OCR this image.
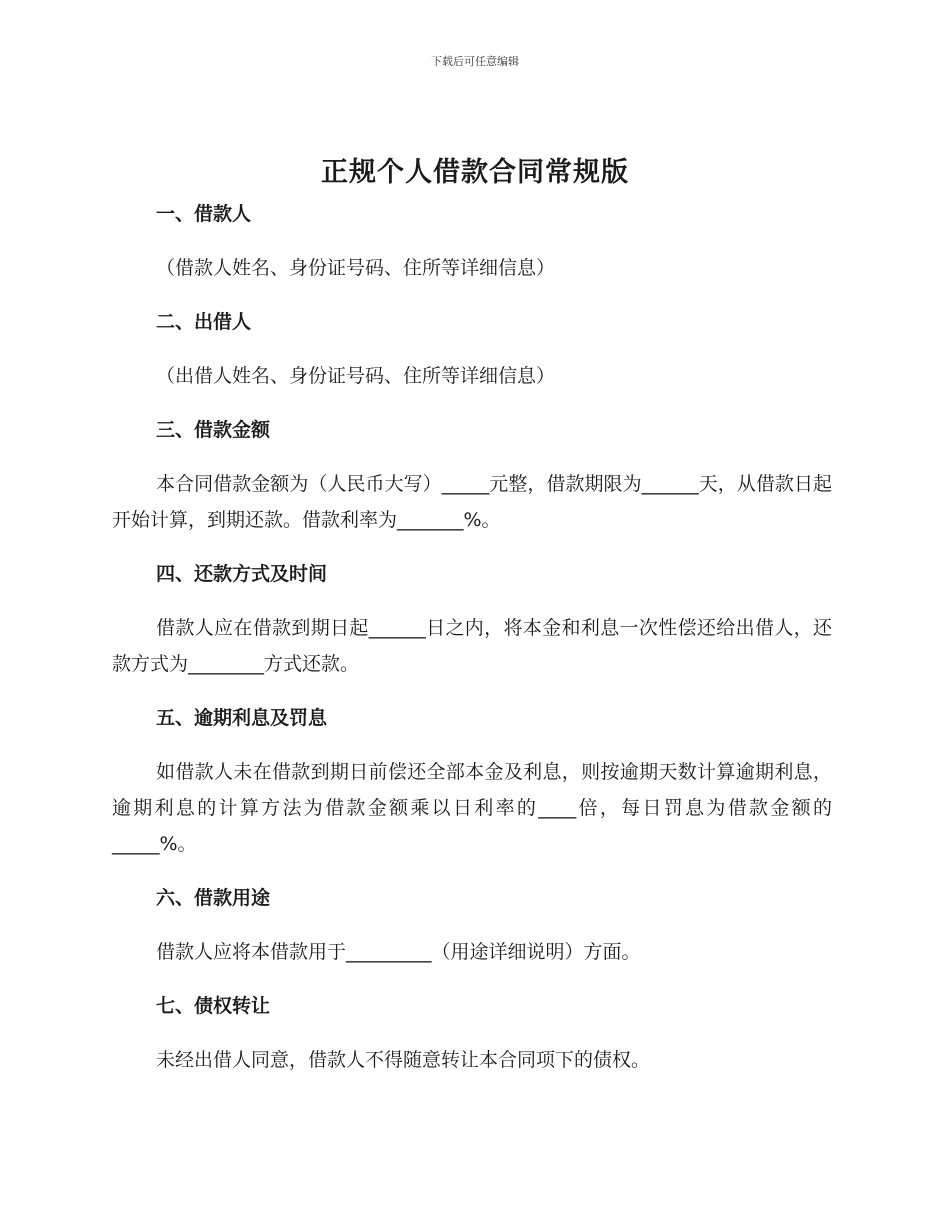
下载后可任意编辑
正规个人借款合同常规版
一、借款人
（借款人姓名、身份证号码、住所等详细信息）
二、出借人
（出借人姓名、身份证号码、住所等详细信息）
三、借款金额
本合同借款金额为（人民币大写）_____元整，借款期限为______天，从借款日起开始计算，到期还款。借款利率为_______%。
四、还款方式及时间
借款人应在借款到期日起______日之内，将本金和利息一次性偿还给出借人，还款方式为________方式还款。
五、逾期利息及罚息
如借款人未在借款到期日前偿还全部本金及利息，则按逾期天数计算逾期利息，逾期利息的计算方法为借款金额乘以日利率的____倍，每日罚息为借款金额的_____%。
六、借款用途
借款人应将本借款用于_________（用途详细说明）方面。
七、债权转让
未经出借人同意，借款人不得随意转让本合同项下的债权。
